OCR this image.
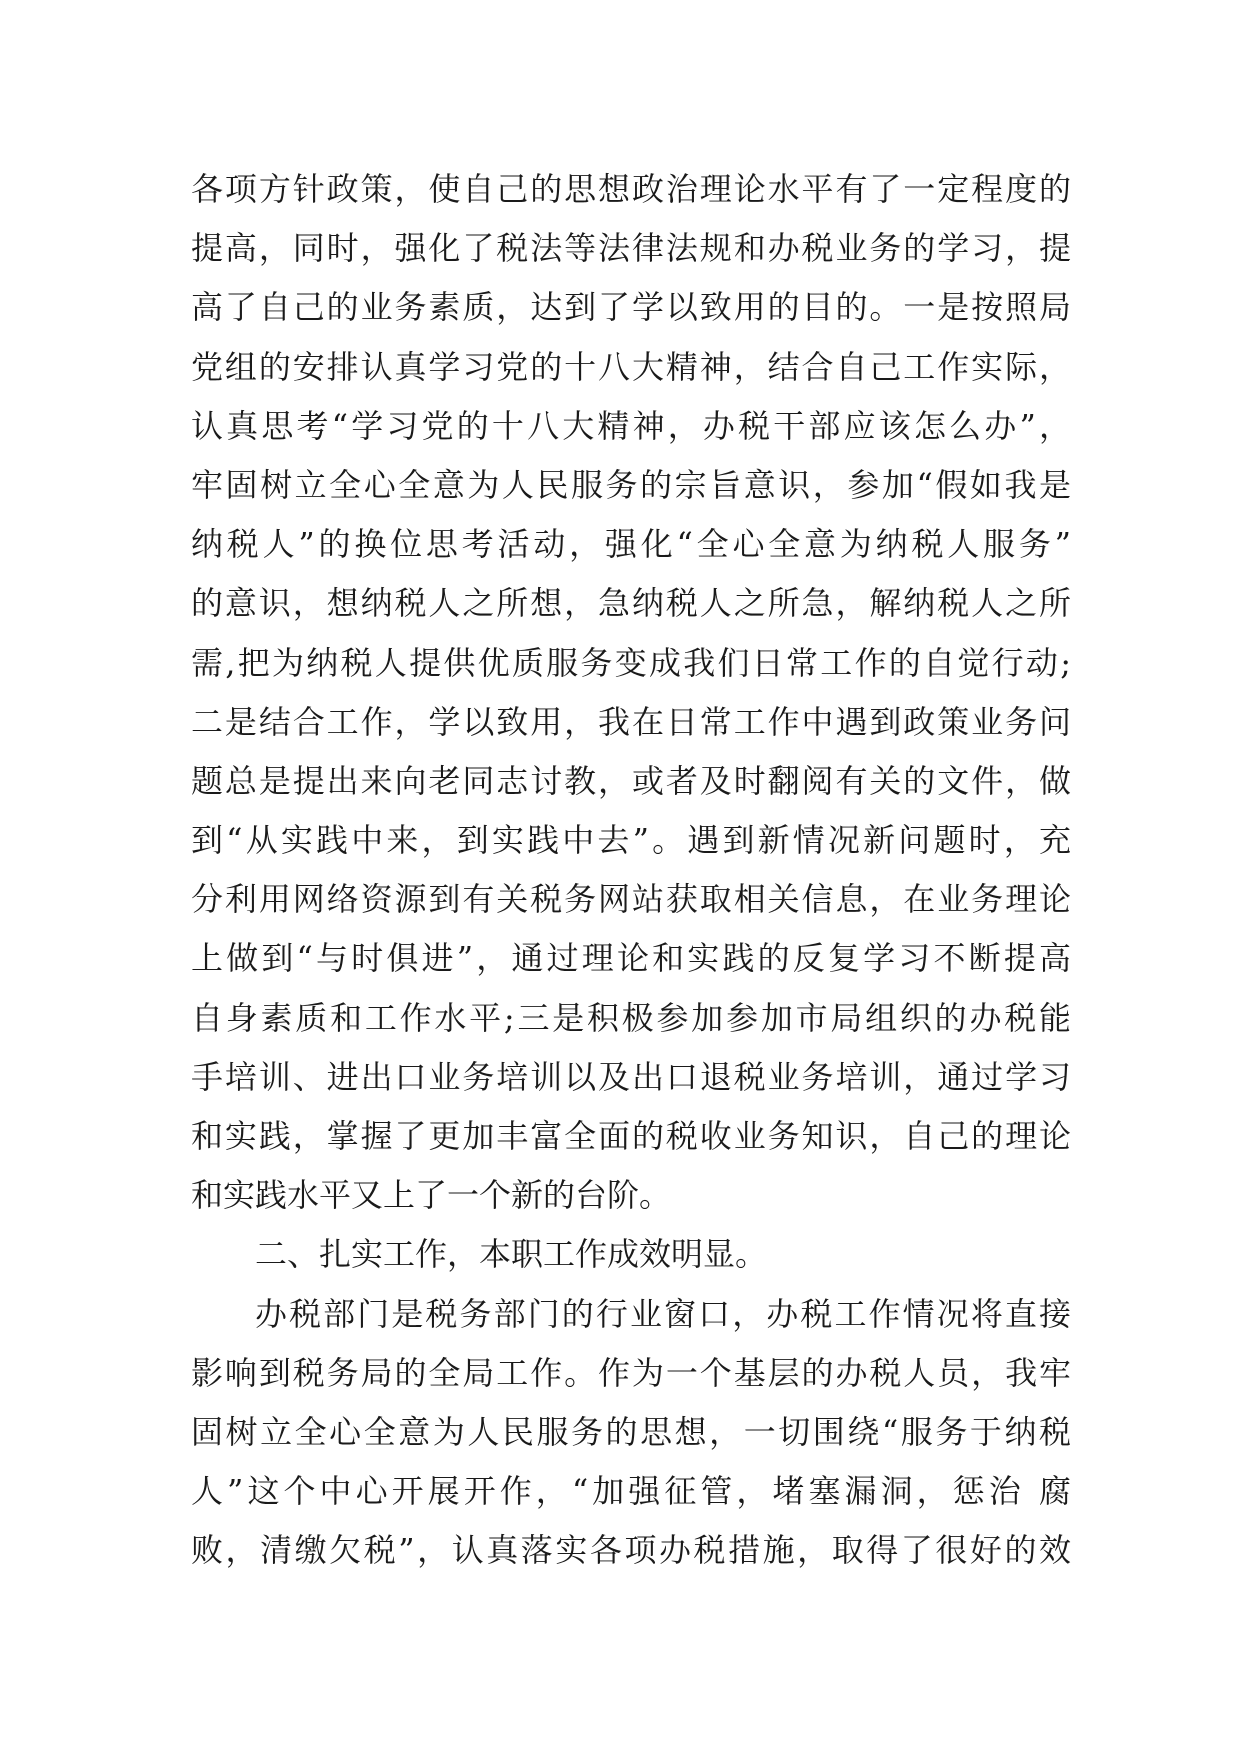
各项方针政策，使自己的思想政治理论水平有了一定程度的
提高，同时，强化了税法等法律法规和办税业务的学习，提
高了自己的业务素质，达到了学以致用的目的。一是按照局
党组的安排认真学习党的十八大精神，结合自己工作实际，
认真思考“学习党的十八大精神，办税干部应该怎么办”，
牢固树立全心全意为人民服务的宗旨意识，参加“假如我是
纳税人”的换位思考活动，强化“全心全意为纳税人服务”
的意识，想纳税人之所想，急纳税人之所急，解纳税人之所
需,把为纳税人提供优质服务变成我们日常工作的自觉行动;
二是结合工作，学以致用，我在日常工作中遇到政策业务问
题总是提出来向老同志讨教，或者及时翻阅有关的文件，做
到“从实践中来，到实践中去”。遇到新情况新问题时，充
分利用网络资源到有关税务网站获取相关信息，在业务理论
上做到“与时俱进”，通过理论和实践的反复学习不断提高
自身素质和工作水平;三是积极参加参加市局组织的办税能
手培训、进出口业务培训以及出口退税业务培训，通过学习
和实践，掌握了更加丰富全面的税收业务知识，自己的理论
和实践水平又上了一个新的台阶。
二、扎实工作，本职工作成效明显。
办税部门是税务部门的行业窗口，办税工作情况将直接
影响到税务局的全局工作。作为一个基层的办税人员，我牢
固树立全心全意为人民服务的思想，一切围绕“服务于纳税
人”这个中心开展开作，“加强征管，堵塞漏洞，惩治 腐
败，清缴欠税”，认真落实各项办税措施，取得了很好的效
